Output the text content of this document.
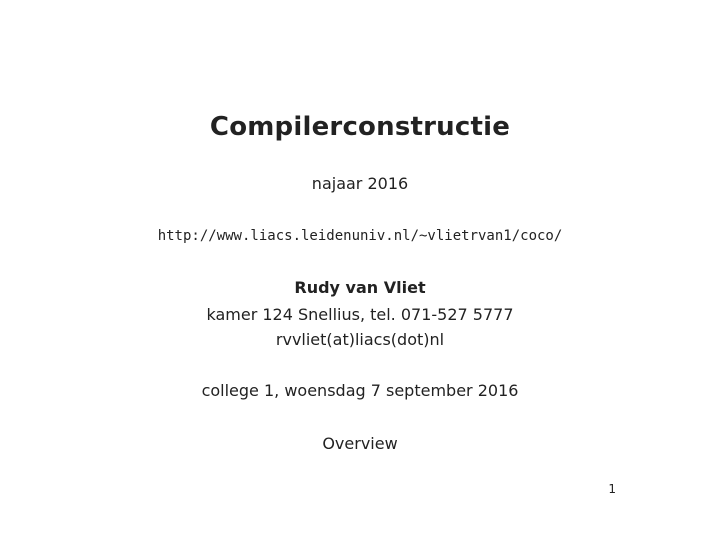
Compilerconstructie
najaar 2016
http://www.liacs.leidenuniv.nl/~vlietrvan1/coco/
Rudy van Vliet
kamer 124 Snellius, tel. 071-527 5777
rvvliet(at)liacs(dot)nl
college 1, woensdag 7 september 2016
Overview
1
